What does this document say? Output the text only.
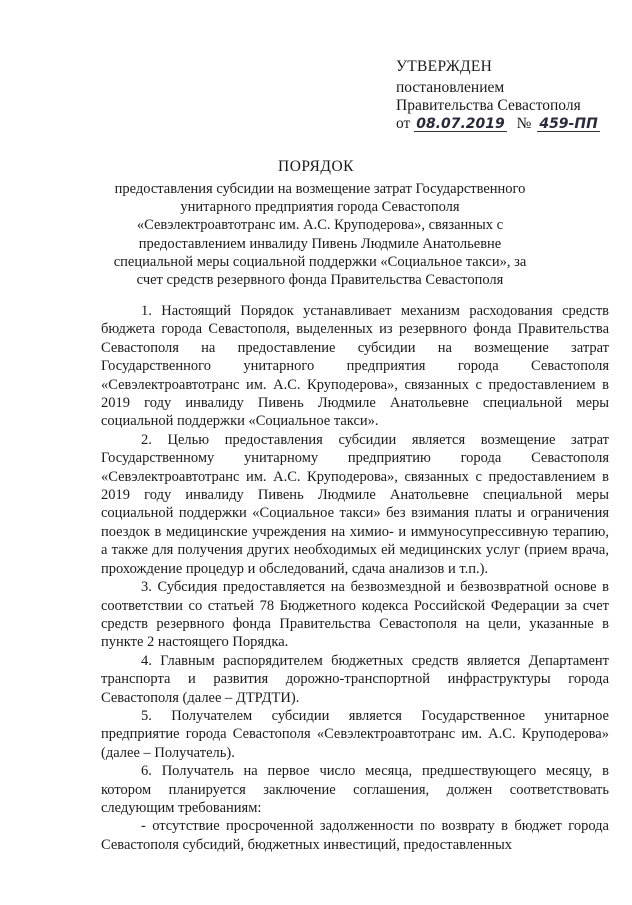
УТВЕРЖДЕН
постановлением
Правительства Севастополя
от 08.07.2019 № 459-ПП
ПОРЯДОК
предоставления субсидии на возмещение затрат Государственного унитарного предприятия города Севастополя «Севэлектроавтотранс им. А.С. Круподерова», связанных с предоставлением инвалиду Пивень Людмиле Анатольевне специальной меры социальной поддержки «Социальное такси», за счет средств резервного фонда Правительства Севастополя

1. Настоящий Порядок устанавливает механизм расходования средств бюджета города Севастополя, выделенных из резервного фонда Правительства Севастополя на предоставление субсидии на возмещение затрат Государственного унитарного предприятия города Севастополя «Севэлектроавтотранс им. А.С. Круподерова», связанных с предоставлением в 2019 году инвалиду Пивень Людмиле Анатольевне специальной меры социальной поддержки «Социальное такси».

2. Целью предоставления субсидии является возмещение затрат Государственному унитарному предприятию города Севастополя «Севэлектроавтотранс им. А.С. Круподерова», связанных с предоставлением в 2019 году инвалиду Пивень Людмиле Анатольевне специальной меры социальной поддержки «Социальное такси» без взимания платы и ограничения поездок в медицинские учреждения на химио- и иммуносупрессивную терапию, а также для получения других необходимых ей медицинских услуг (прием врача, прохождение процедур и обследований, сдача анализов и т.п.).

3. Субсидия предоставляется на безвозмездной и безвозвратной основе в соответствии со статьей 78 Бюджетного кодекса Российской Федерации за счет средств резервного фонда Правительства Севастополя на цели, указанные в пункте 2 настоящего Порядка.

4. Главным распорядителем бюджетных средств является Департамент транспорта и развития дорожно-транспортной инфраструктуры города Севастополя (далее – ДТРДТИ).

5. Получателем субсидии является Государственное унитарное предприятие города Севастополя «Севэлектроавтотранс им. А.С. Круподерова» (далее – Получатель).

6. Получатель на первое число месяца, предшествующего месяцу, в котором планируется заключение соглашения, должен соответствовать следующим требованиям:

- отсутствие просроченной задолженности по возврату в бюджет города Севастополя субсидий, бюджетных инвестиций, предоставленных
